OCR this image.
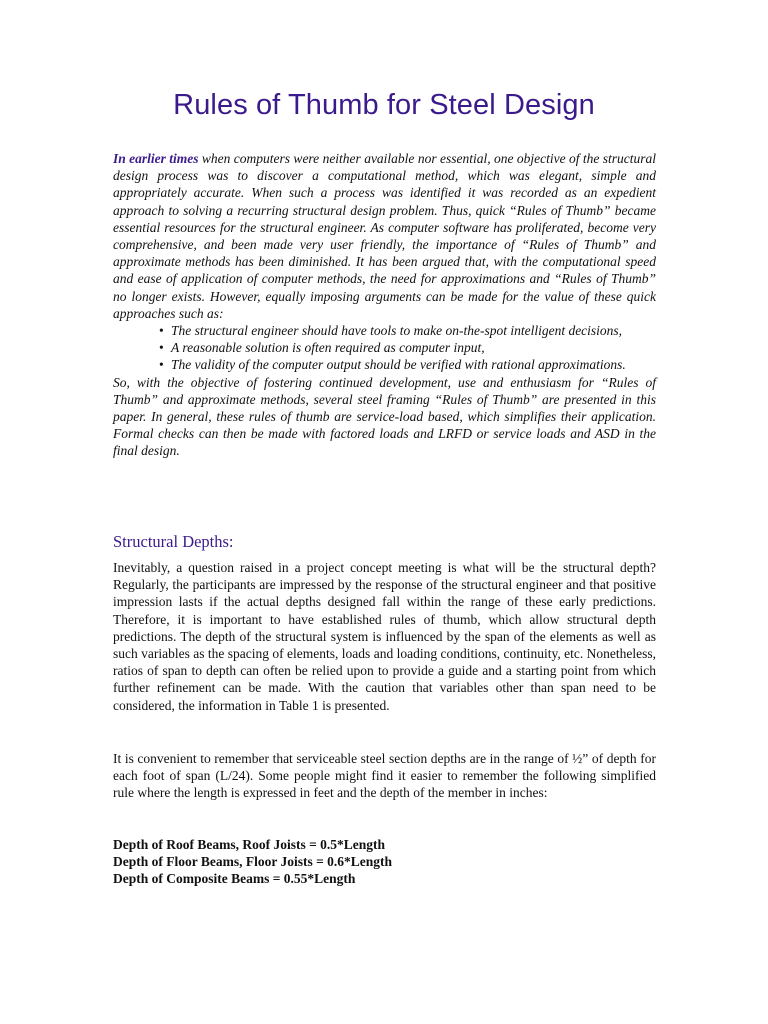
Rules of Thumb for Steel Design

In earlier times when computers were neither available nor essential, one objective of the structural design process was to discover a computational method, which was elegant, simple and appropriately accurate. When such a process was identified it was recorded as an expedient approach to solving a recurring structural design problem. Thus, quick “Rules of Thumb” became essential resources for the structural engineer. As computer software has proliferated, become very comprehensive, and been made very user friendly, the importance of “Rules of Thumb” and approximate methods has been diminished. It has been argued that, with the computational speed and ease of application of computer methods, the need for approximations and “Rules of Thumb” no longer exists. However, equally imposing arguments can be made for the value of these quick approaches such as:

• The structural engineer should have tools to make on-the-spot intelligent decisions,
• A reasonable solution is often required as computer input,
• The validity of the computer output should be verified with rational approximations.

So, with the objective of fostering continued development, use and enthusiasm for “Rules of Thumb” and approximate methods, several steel framing “Rules of Thumb” are presented in this paper. In general, these rules of thumb are service-load based, which simplifies their application. Formal checks can then be made with factored loads and LRFD or service loads and ASD in the final design.

Structural Depths:
Inevitably, a question raised in a project concept meeting is what will be the structural depth? Regularly, the participants are impressed by the response of the structural engineer and that positive impression lasts if the actual depths designed fall within the range of these early predictions. Therefore, it is important to have established rules of thumb, which allow structural depth predictions. The depth of the structural system is influenced by the span of the elements as well as such variables as the spacing of elements, loads and loading conditions, continuity, etc. Nonetheless, ratios of span to depth can often be relied upon to provide a guide and a starting point from which further refinement can be made. With the caution that variables other than span need to be considered, the information in Table 1 is presented.
It is convenient to remember that serviceable steel section depths are in the range of ½” of depth for each foot of span (L/24). Some people might find it easier to remember the following simplified rule where the length is expressed in feet and the depth of the member in inches:
Depth of Roof Beams, Roof Joists = 0.5*Length
Depth of Floor Beams, Floor Joists = 0.6*Length
Depth of Composite Beams = 0.55*Length
